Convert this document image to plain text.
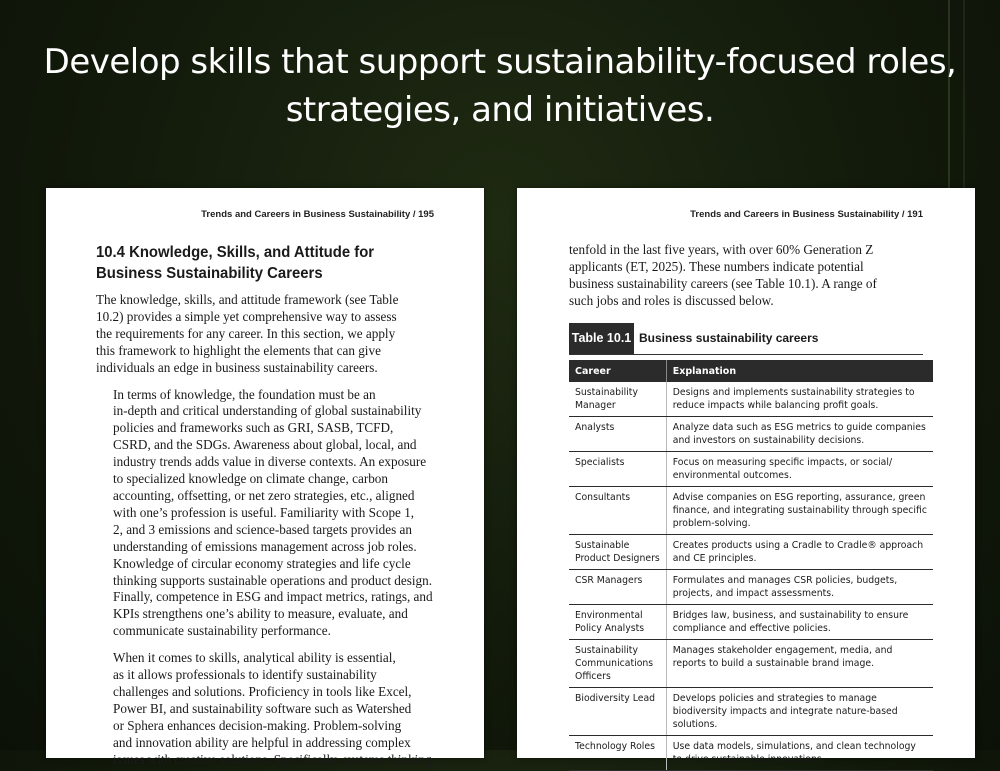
Develop skills that support sustainability-focused roles,
strategies, and initiatives.
Trends and Careers in Business Sustainability / 195
10.4 Knowledge, Skills, and Attitude for
Business Sustainability Careers

The knowledge, skills, and attitude framework (see Table
10.2) provides a simple yet comprehensive way to assess
the requirements for any career. In this section, we apply
this framework to highlight the elements that can give
individuals an edge in business sustainability careers.

In terms of knowledge, the foundation must be an
in-depth and critical understanding of global sustainability
policies and frameworks such as GRI, SASB, TCFD,
CSRD, and the SDGs. Awareness about global, local, and
industry trends adds value in diverse contexts. An exposure
to specialized knowledge on climate change, carbon
accounting, offsetting, or net zero strategies, etc., aligned
with one’s profession is useful. Familiarity with Scope 1,
2, and 3 emissions and science-based targets provides an
understanding of emissions management across job roles.
Knowledge of circular economy strategies and life cycle
thinking supports sustainable operations and product design.
Finally, competence in ESG and impact metrics, ratings, and
KPIs strengthens one’s ability to measure, evaluate, and
communicate sustainability performance.

When it comes to skills, analytical ability is essential,
as it allows professionals to identify sustainability
challenges and solutions. Proficiency in tools like Excel,
Power BI, and sustainability software such as Watershed
or Sphera enhances decision-making. Problem-solving
and innovation ability are helpful in addressing complex
issues with creative solutions. Specifically, systems thinking

Trends and Careers in Business Sustainability / 191
tenfold in the last five years, with over 60% Generation Z
applicants (ET, 2025). These numbers indicate potential
business sustainability careers (see Table 10.1). A range of
such jobs and roles is discussed below.
Table 10.1 Business sustainability careers
Career	Explanation

Sustainability
Manager	Designs and implements sustainability strategies to
reduce impacts while balancing profit goals.

Analysts	Analyze data such as ESG metrics to guide companies
and investors on sustainability decisions.

Specialists	Focus on measuring specific impacts, or social/
environmental outcomes.

Consultants	Advise companies on ESG reporting, assurance, green
finance, and integrating sustainability through specific
problem-solving.

Sustainable
Product Designers	Creates products using a Cradle to Cradle® approach
and CE principles.

CSR Managers	Formulates and manages CSR policies, budgets,
projects, and impact assessments.

Environmental
Policy Analysts	Bridges law, business, and sustainability to ensure
compliance and effective policies.

Sustainability
Communications
Officers	Manages stakeholder engagement, media, and
reports to build a sustainable brand image.

Biodiversity Lead	Develops policies and strategies to manage
biodiversity impacts and integrate nature-based
solutions.

Technology Roles	Use data models, simulations, and clean technology
to drive sustainable innovations.
